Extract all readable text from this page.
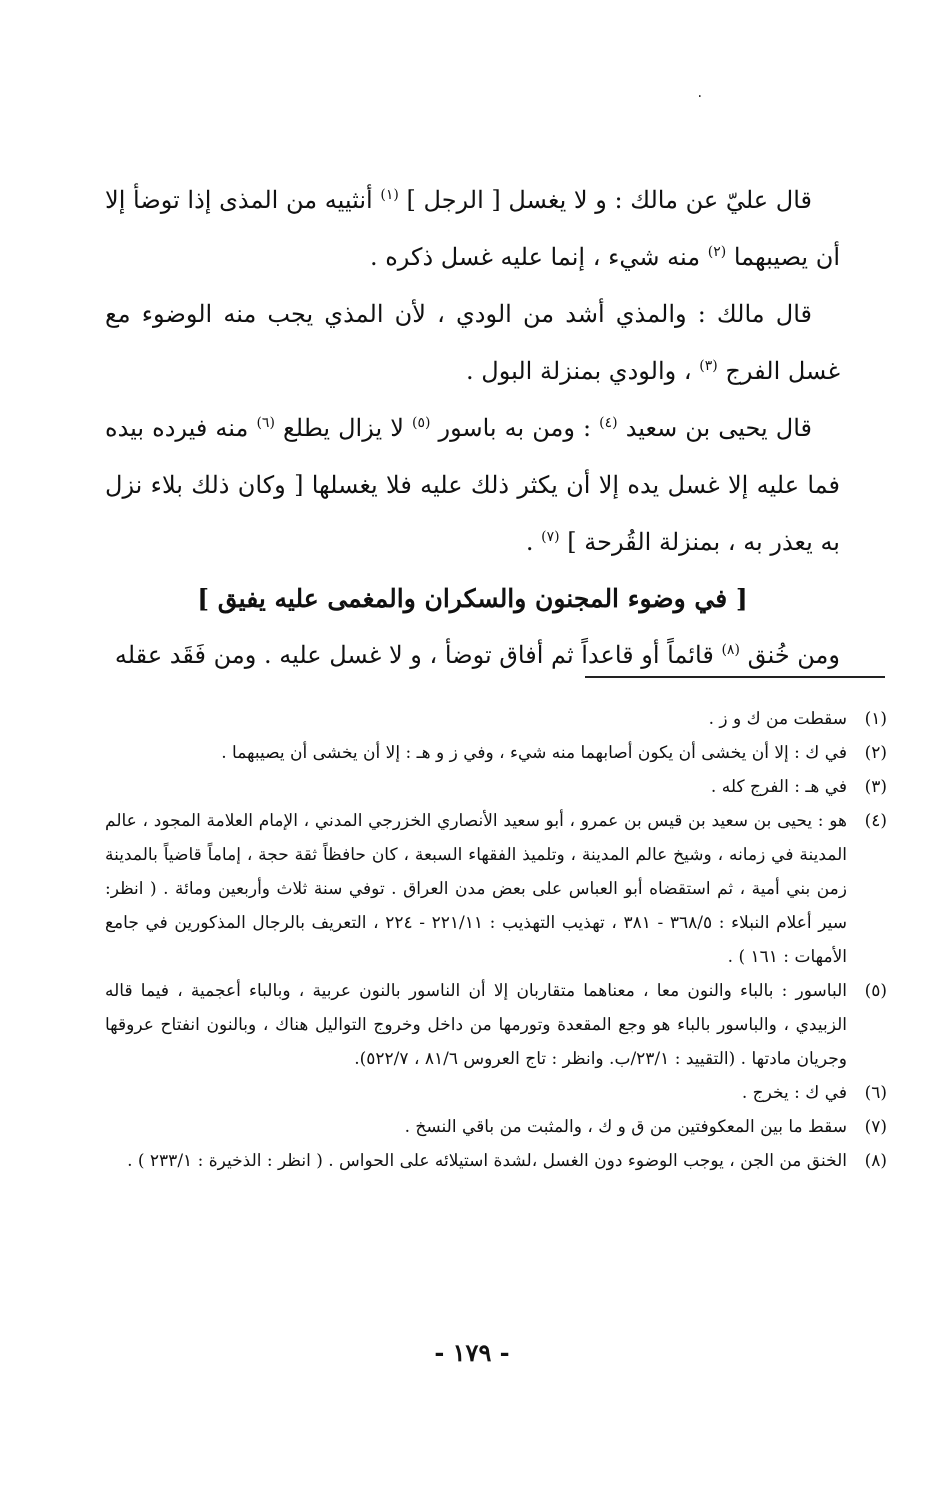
٠

قال عليّ عن مالك : و لا يغسل [ الرجل ] $^{(١)}$ أنثييه من المذى إذا توضأ إلا أن يصيبهما $^{(٢)}$ منه شيء ، إنما عليه غسل ذكره .

قال مالك : والمذي أشد من الودي ، لأن المذي يجب منه الوضوء مع غسل الفرج $^{(٣)}$ ، والودي بمنزلة البول .

قال يحيى بن سعيد $^{(٤)}$ : ومن به باسور $^{(٥)}$ لا يزال يطلع $^{(٦)}$ منه فيرده بيده فما عليه إلا غسل يده إلا أن يكثر ذلك عليه فلا يغسلها [ وكان ذلك بلاء نزل به يعذر به ، بمنزلة القُرحة ] $^{(٧)}$ .

[ في وضوء المجنون والسكران والمغمى عليه يفيق ]

ومن خُنق $^{(٨)}$ قائماً أو قاعداً ثم أفاق توضأ ، و لا غسل عليه . ومن فَقَد عقله

(١)
سقطت من ك و ز .
(٢)
في ك : إلا أن يخشى أن يكون أصابهما منه شيء ، وفي ز و هـ : إلا أن يخشى أن يصيبهما .
(٣)
في هـ : الفرج كله .
(٤)
هو : يحيى بن سعيد بن قيس بن عمرو ، أبو سعيد الأنصاري الخزرجي المدني ، الإمام العلامة المجود ، عالم المدينة في زمانه ، وشيخ عالم المدينة ، وتلميذ الفقهاء السبعة ، كان حافظاً ثقة حجة ، إماماً قاضياً بالمدينة زمن بني أمية ، ثم استقضاه أبو العباس على بعض مدن العراق . توفي سنة ثلاث وأربعين ومائة . ( انظر: سير أعلام النبلاء : ٣٦٨/٥ - ٣٨١ ، تهذيب التهذيب : ٢٢١/١١ - ٢٢٤ ، التعريف بالرجال المذكورين في جامع الأمهات : ١٦١ ) .
(٥)
الباسور : بالباء والنون معا ، معناهما متقاربان إلا أن الناسور بالنون عربية ، وبالباء أعجمية ، فيما قاله الزبيدي ، والباسور بالباء هو وجع المقعدة وتورمها من داخل وخروج التواليل هناك ، وبالنون انفتاح عروقها وجريان مادتها . (التقييد : ٢٣/١/ب. وانظر : تاج العروس ٨١/٦ ، ٥٢٢/٧).
(٦)
في ك : يخرج .
(٧)
سقط ما بين المعكوفتين من ق و ك ، والمثبت من باقي النسخ .
(٨)
الخنق من الجن ، يوجب الوضوء دون الغسل ،لشدة استيلائه على الحواس . ( انظر : الذخيرة : ٢٣٣/١ ) .
- ١٧٩ -
